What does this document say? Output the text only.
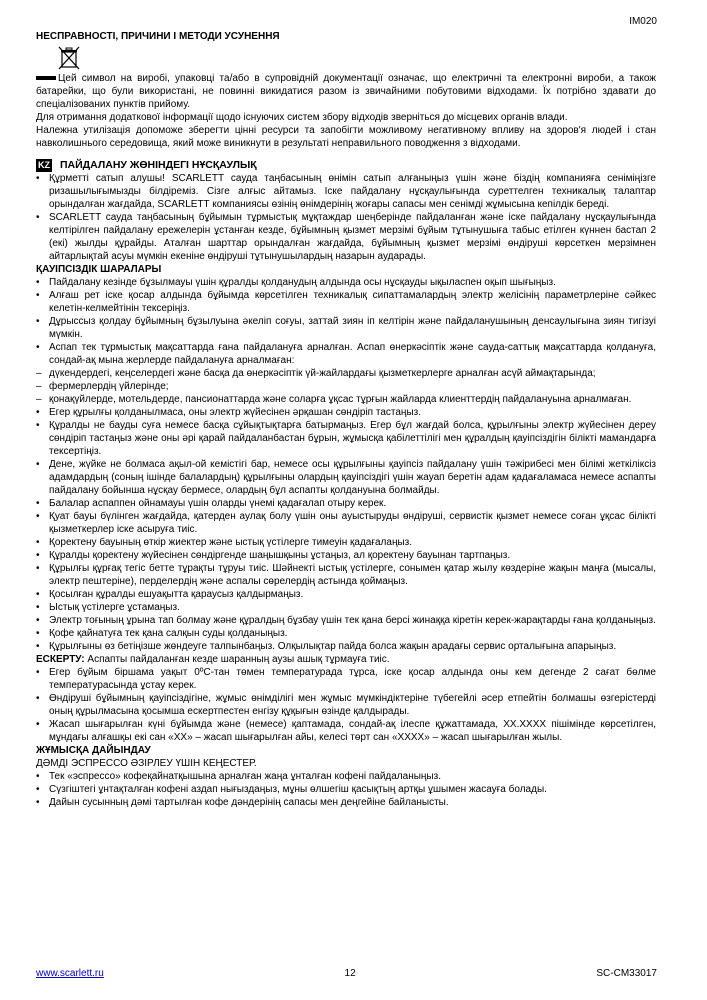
IM020
НЕСПРАВНОСТІ, ПРИЧИНИ І МЕТОДИ УСУНЕННЯ

Цей символ на виробі, упаковці та/або в супровідній документації означає, що електричні та електронні вироби, а також батарейки, що були використані, не повинні викидатися разом із звичайними побутовими відходами. Їх потрібно здавати до спеціалізованих пунктів прийому.

Для отримання додаткової інформації щодо існуючих систем збору відходів зверніться до місцевих органів влади.

Належна утилізація допоможе зберегти цінні ресурси та запобігти можливому негативному впливу на здоров'я людей і стан навколишнього середовища, який може виникнути в результаті неправильного поводження з відходами.

KZ ПАЙДАЛАНУ ЖӨНІНДЕГІ НҰСҚАУЛЫҚ
• Құрметті сатып алушы! SCARLETT сауда таңбасының өнімін сатып алғаныңыз үшін және біздің компанияға сеніміңізге ризашылығымызды білдіреміз. Сізге алғыс айтамыз. Іске пайдалану нұсқаулығында суреттелген техникалық талаптар орындалған жағдайда, SCARLETT компаниясы өзінің өнімдерінің жоғары сапасы мен сенімді жұмысына кепілдік береді.
• SCARLETT сауда таңбасының бұйымын тұрмыстық мұқтаждар шеңберінде пайдаланған және іске пайдалану нұсқаулығында келтірілген пайдалану ережелерін ұстанған кезде, бұйымның қызмет мерзімі бұйым тұтынушыға табыс етілген күннен бастап 2 (екі) жылды құрайды. Аталған шарттар орындалған жағдайда, бұйымның қызмет мерзімі өндіруші көрсеткен мерзімнен айтарлықтай асуы мүмкін екеніне өндіруші тұтынушылардың назарын аударады.
ҚАУІПСІЗДІК ШАРАЛАРЫ
• Пайдалану кезінде бұзылмауы үшін құралды қолданудың алдында осы нұсқауды ықыласпен оқып шығыңыз.
• Алғаш рет іске қосар алдында бұйымда көрсетілген техникалық сипаттамалардың электр желісінің параметрлеріне сәйкес келетін-келмейтінін тексеріңіз.
• Дұрыссыз қолдау бұйымның бұзылуына әкеліп соғуы, заттай зиян іп келтірін және пайдаланушының денсаулығына зиян тигізуі мүмкін.
• Аспап тек тұрмыстық мақсаттарда ғана пайдалануға арналған. Аспап өнеркәсіптік және сауда-саттық мақсаттарда қолдануға, сондай-ақ мына жерлерде пайдалануға арналмаған:
– дүкендердегі, кеңселердегі және басқа да өнеркәсіптік үй-жайлардағы қызметкерлерге арналған асүй аймақтарында;
– фермерлердің үйлерінде;
– қонақүйлерде, мотельдерде, пансионаттарда және соларға ұқсас тұрғын жайларда клиенттердің пайдалануына арналмаған.
• Егер құрылғы қолданылмаса, оны электр жүйесінен әрқашан сөндіріп тастаңыз.
• Құралды не бауды суға немесе басқа сұйықтықтарға батырмаңыз. Егер бұл жағдай болса, құрылғыны электр жүйесінен дереу сөндіріп тастаңыз және оны әрі қарай пайдаланбастан бұрын, жұмысқа қабілеттілігі мен құралдың қауіпсіздігін білікті мамандарға тексертіңіз.
• Дене, жүйке не болмаса ақыл-ой кемістігі бар, немесе осы құрылғыны қауіпсіз пайдалану үшін тәжірибесі мен білімі жеткіліксіз адамдардың (соның ішінде балалардың) құрылғыны олардың қауіпсіздігі үшін жауап беретін адам қадағаламаса немесе аспапты пайдалану бойынша нұсқау бермесе, олардың бұл аспапты қолдануына болмайды.
• Балалар аспаппен ойнамауы үшін оларды үнемі қадағалап отыру керек.
• Қуат бауы бүлінген жағдайда, қатерден аулақ болу үшін оны ауыстыруды өндіруші, сервистік қызмет немесе соған ұқсас білікті қызметкерлер іске асыруға тиіс.
• Қоректену бауының өткір жиектер және ыстық үстілерге тимеуін қадағалаңыз.
• Құралды қоректену жүйесінен сөндіргенде шаңышқыны ұстаңыз, ал қоректену бауынан тартпаңыз.
• Құрылғы құрғақ тегіс бетте тұрақты тұруы тиіс. Шәйнекті ыстық үстілерге, сонымен қатар жылу көздеріне жақын маңға (мысалы, электр пештеріне), перделердің және аспалы сөрелердің астында қоймаңыз.
• Қосылған құралды ешуақытта қараусыз қалдырмаңыз.
• Ыстық үстілерге ұстамаңыз.
• Электр тоғының ұрына тап болмау және құралдың бұзбау үшін тек қана берсі жинаққа кіретін керек-жарақтарды ғана қолданыңыз.
• Қофе қайнатуға тек қана салқын суды қолданыңыз.
• Құрылғыны өз бетіңізше жөндеуге талпынбаңыз. Олқылықтар пайда болса жақын арадағы сервис орталығына апарыңыз.

ЕСКЕРТУ: Аспапты пайдаланған кезде шаранның аузы ашық тұрмауға тиіс.

• Егер бұйым біршама уақыт 0ºC-тан төмен температурада тұрса, іске қосар алдында оны кем дегенде 2 сағат бөлме температурасында ұстау керек.
• Өндіруші бұйымның қауіпсіздігіне, жұмыс өнімділігі мен жұмыс мүмкіндіктеріне түбегейлі әсер етпейтін болмашы өзгерістерді оның құрылмасына қосымша ескертпестен енгізу құқығын өзінде қалдырады.
• Жасап шығарылған күні бұйымда және (немесе) қаптамада, сондай-ақ ілеспе құжаттамада, XX.XXXX пішімінде көрсетілген, мұндағы алғашқы екі сан «XX» – жасап шығарылған айы, келесі төрт сан «XXXX» – жасап шығарылған жылы.
ЖҰМЫСҚА ДАЙЫНДАУ
ДӘМДІ ЭСПРЕССО ӘЗІРЛЕУ ҮШІН КЕҢЕСТЕР.
• Тек «эспрессо» кофеқайнатқышына арналған жаңа ұнталған кофені пайдаланыңыз.
• Сүзгіштегі ұнтақталған кофені аздап нығыздаңыз, мұны өлшегіш қасықтың артқы ұшымен жасауға болады.
• Дайын сусынның дәмі тартылған кофе дәндерінің сапасы мен деңгейіне байланысты.
www.scarlett.ru	12	SC-CM33017
